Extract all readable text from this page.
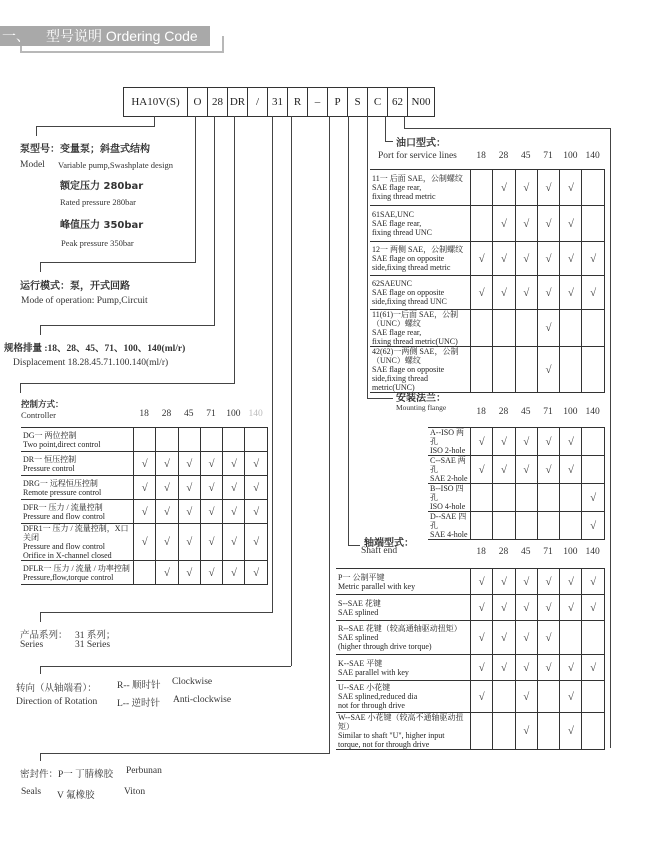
一、 型号说明 Ordering Code
HA10V(S)	O 28 DR /	31 R	–	P	S	C 62 N00
泵型号：变量泵；斜盘式结构
Model Variable pump,Swashplate design
额定压力 280bar
Rated pressure 280bar
峰值压力 350bar
Peak pressure 350bar
运行模式：泵，开式回路
Mode of operation: Pump,Circuit
规格排量 :18、28、45、71、100、140(ml/r)
Displacement 18.28.45.71.100.140(ml/r)
控制方式：
Controller	18	28	45	71	100 140
DG一 两位控制
Two point,direct control						

DR一 恒压控制
Pressure control	√	√	√	√	√	√

DRG一 远程恒压控制
Remote pressure control	√	√	√	√	√	√

DFR一 压力 / 流量控制
Pressure and flow control	√	√	√	√	√	√

DFR1一 压力 / 流量控制，X口关闭
Pressure and flow control
Orifice in X-channel closed	√	√	√	√	√	√

DFLR一 压力 / 流量 / 功率控制
Pressure,flow,torque control		√	√	√	√	√
产品系列： 31 系列；
Series	31 Series
转向（从轴端看）：
Direction of Rotation
R-- 顺时针 Clockwise
L-- 逆时针 Anti-clockwise
密封件：P一 丁腈橡胶 Perbunan
Seals V 氟橡胶	Viton
油口型式：
Port for service lines	18	28	45	71	100 140
11一 后面 SAE，公制螺纹
SAE flage rear,
fixing thread metric		√	√	√	√	

61SAE,UNC
SAE flage rear,
fixing thread UNC		√	√	√	√	

12一 两侧 SAE，公制螺纹
SAE flage on opposite
side,fixing thread metric	√	√	√	√	√	√

62SAEUNC
SAE flage on opposite
side,fixing thread UNC	√	√	√	√	√	√

11(61)一后面 SAE，公制（UNC）螺纹
SAE flage rear,
fixing thread metric(UNC)				√		

42(62)一两侧 SAE，公制（UNC）螺纹
SAE flage on opposite
side,fixing thread metric(UNC)				√		
安装法兰：
Mounting flange	18	28	45	71	100 140
A--ISO 两孔
ISO 2-hole	√	√	√	√	√	

C--SAE 两孔
SAE 2-hole	√	√	√	√	√	

B--ISO 四孔
ISO 4-hole						√

D--SAE 四孔
SAE 4-hole						√
轴端型式：
Shaft end	18	28	45	71	100 140
P一 公制平键
Metric parallel with key	√	√	√	√	√	√

S--SAE 花键
SAE splined	√	√	√	√	√	√

R--SAE 花键（较高通轴驱动扭矩）
SAE splined
(higher through drive torque)	√	√	√	√		

K--SAE 平键
SAE parallel with key	√	√	√	√	√	√

U--SAE 小花键
SAE splined,reduced dia
not for through drive	√		√		√	

W--SAE 小花键（较高不通轴驱动扭矩）
Similar to shaft "U", higher input
torque, not for through drive			√		√	
